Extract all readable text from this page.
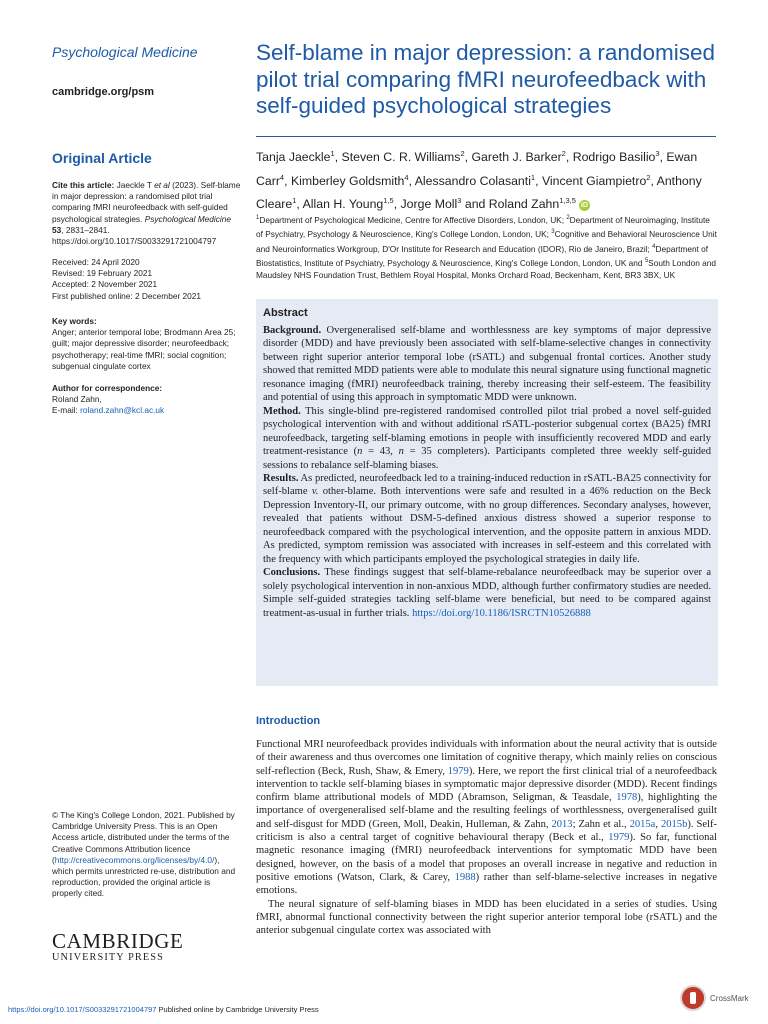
Psychological Medicine
cambridge.org/psm
Original Article

Cite this article: Jaeckle T et al (2023). Self-blame in major depression: a randomised pilot trial comparing fMRI neurofeedback with self-guided psychological strategies. Psychological Medicine 53, 2831–2841. https://doi.org/10.1017/S0033291721004797

Received: 24 April 2020

Revised: 19 February 2021

Accepted: 2 November 2021

First published online: 2 December 2021

Key words:

Anger; anterior temporal lobe; Brodmann Area 25; guilt; major depressive disorder; neurofeedback; psychotherapy; real-time fMRI; social cognition; subgenual cingulate cortex

Author for correspondence:

Roland Zahn,

E-mail: roland.zahn@kcl.ac.uk

© The King's College London, 2021. Published by Cambridge University Press. This is an Open Access article, distributed under the terms of the Creative Commons Attribution licence (http://creativecommons.org/licenses/by/4.0/), which permits unrestricted re-use, distribution and reproduction, provided the original article is properly cited.

CAMBRIDGE
UNIVERSITY PRESS
Self-blame in major depression: a randomised pilot trial comparing fMRI neurofeedback with self-guided psychological strategies
Tanja Jaeckle$^1$, Steven C. R. Williams$^2$, Gareth J. Barker$^2$, Rodrigo Basilio$^3$, Ewan Carr$^4$, Kimberley Goldsmith$^4$, Alessandro Colasanti$^1$, Vincent Giampietro$^2$, Anthony Cleare$^1$, Allan H. Young$^{1,5}$, Jorge Moll$^3$ and Roland Zahn$^{1,3,5}$ iD
$^1$Department of Psychological Medicine, Centre for Affective Disorders, London, UK; $^2$Department of Neuroimaging, Institute of Psychiatry, Psychology & Neuroscience, King's College London, London, UK; $^3$Cognitive and Behavioral Neuroscience Unit and Neuroinformatics Workgroup, D'Or Institute for Research and Education (IDOR), Rio de Janeiro, Brazil; $^4$Department of Biostatistics, Institute of Psychiatry, Psychology & Neuroscience, King's College London, London, UK and $^5$South London and Maudsley NHS Foundation Trust, Bethlem Royal Hospital, Monks Orchard Road, Beckenham, Kent, BR3 3BX, UK
Abstract

Background. Overgeneralised self-blame and worthlessness are key symptoms of major depressive disorder (MDD) and have previously been associated with self-blame-selective changes in connectivity between right superior anterior temporal lobe (rSATL) and subgenual frontal cortices. Another study showed that remitted MDD patients were able to modulate this neural signature using functional magnetic resonance imaging (fMRI) neurofeedback training, thereby increasing their self-esteem. The feasibility and potential of using this approach in symptomatic MDD were unknown.

Method. This single-blind pre-registered randomised controlled pilot trial probed a novel self-guided psychological intervention with and without additional rSATL-posterior subgenual cortex (BA25) fMRI neurofeedback, targeting self-blaming emotions in people with insufficiently recovered MDD and early treatment-resistance (n = 43, n = 35 completers). Participants completed three weekly self-guided sessions to rebalance self-blaming biases.

Results. As predicted, neurofeedback led to a training-induced reduction in rSATL-BA25 connectivity for self-blame v. other-blame. Both interventions were safe and resulted in a 46% reduction on the Beck Depression Inventory-II, our primary outcome, with no group differences. Secondary analyses, however, revealed that patients without DSM-5-defined anxious distress showed a superior response to neurofeedback compared with the psychological intervention, and the opposite pattern in anxious MDD. As predicted, symptom remission was associated with increases in self-esteem and this correlated with the frequency with which participants employed the psychological strategies in daily life.

Conclusions. These findings suggest that self-blame-rebalance neurofeedback may be superior over a solely psychological intervention in non-anxious MDD, although further confirmatory studies are needed. Simple self-guided strategies tackling self-blame were beneficial, but need to be compared against treatment-as-usual in further trials. https://doi.org/10.1186/ISRCTN10526888

Introduction

Functional MRI neurofeedback provides individuals with information about the neural activity that is outside of their awareness and thus overcomes one limitation of cognitive therapy, which mainly relies on conscious self-reflection (Beck, Rush, Shaw, & Emery, 1979). Here, we report the first clinical trial of a neurofeedback intervention to tackle self-blaming biases in symptomatic major depressive disorder (MDD). Recent findings confirm blame attributional models of MDD (Abramson, Seligman, & Teasdale, 1978), highlighting the importance of overgeneralised self-blame and the resulting feelings of worthlessness, overgeneralised guilt and self-disgust for MDD (Green, Moll, Deakin, Hulleman, & Zahn, 2013; Zahn et al., 2015a, 2015b). Self-criticism is also a central target of cognitive behavioural therapy (Beck et al., 1979). So far, functional magnetic resonance imaging (fMRI) neurofeedback interventions for symptomatic MDD have been designed, however, on the basis of a model that proposes an overall increase in negative and reduction in positive emotions (Watson, Clark, & Carey, 1988) rather than self-blame-selective increases in negative emotions.

The neural signature of self-blaming biases in MDD has been elucidated in a series of studies. Using fMRI, abnormal functional connectivity between the right superior anterior temporal lobe (rSATL) and the anterior subgenual cingulate cortex was associated with

https://doi.org/10.1017/S0033291721004797 Published online by Cambridge University Press
CrossMark
